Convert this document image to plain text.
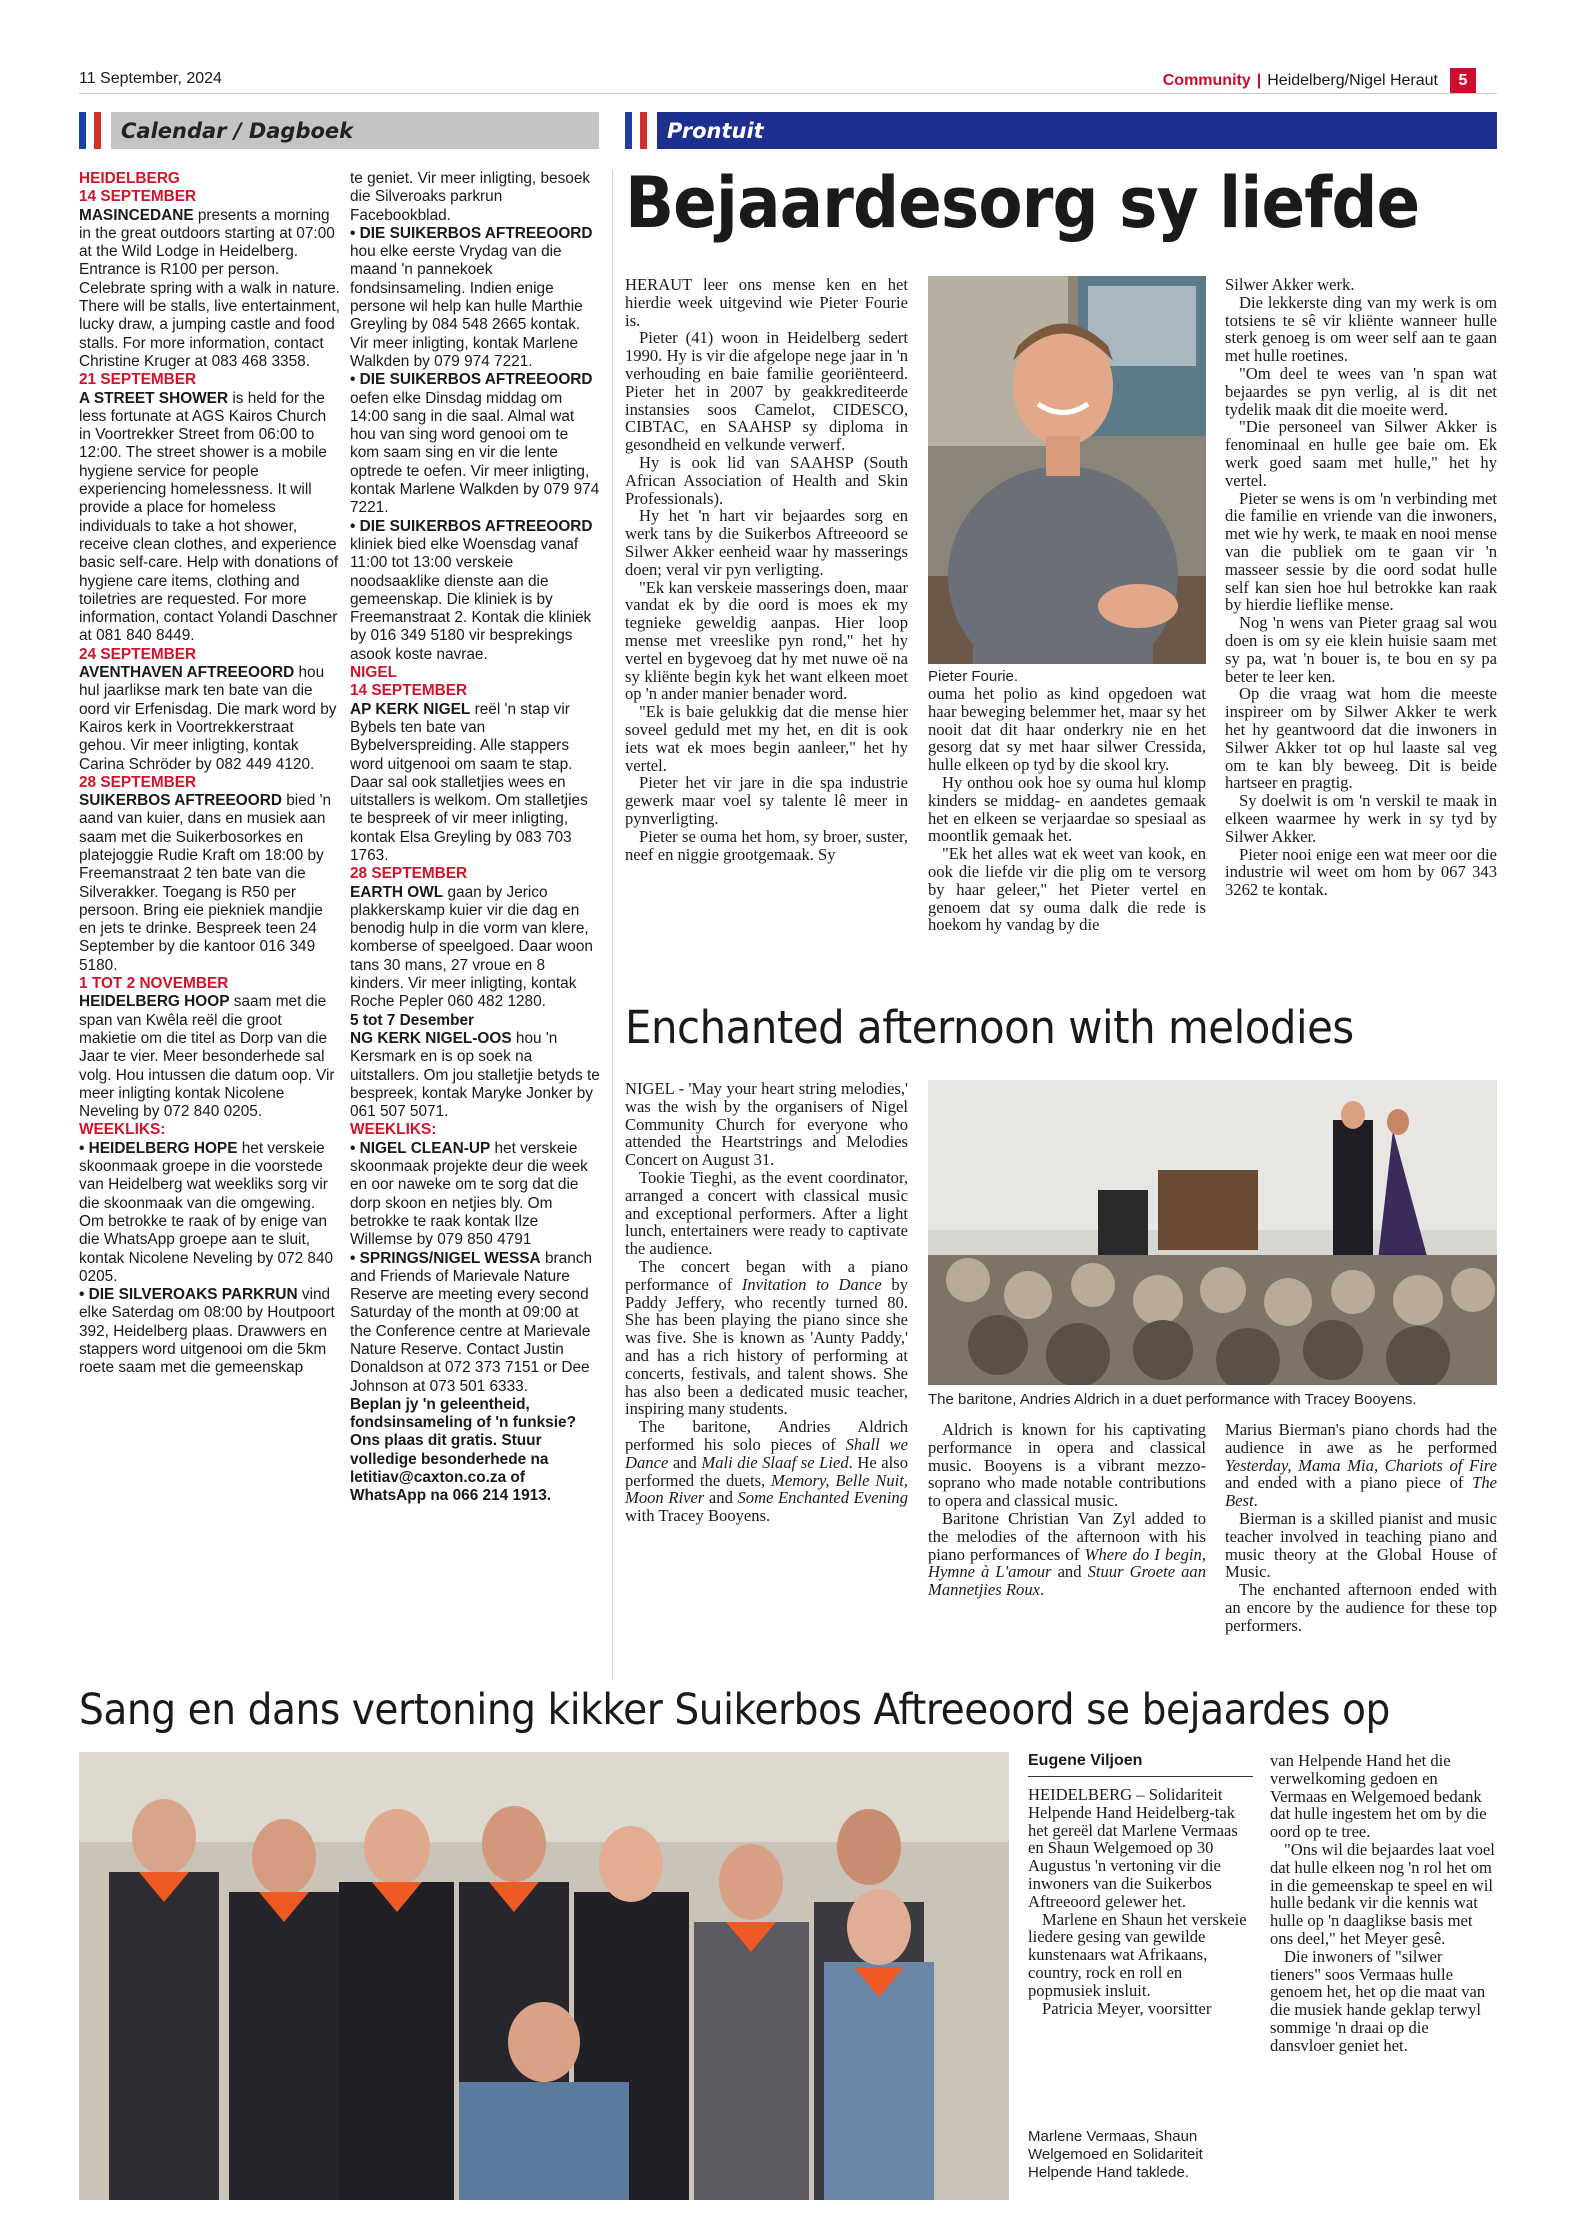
11 September, 2024	Community | Heidelberg/Nigel Heraut	5
Calendar / Dagboek	Prontuit

HEIDELBERG

14 SEPTEMBER

MASINCEDANE presents a morning in the great outdoors starting at 07:00 at the Wild Lodge in Heidelberg. Entrance is R100 per person. Celebrate spring with a walk in nature. There will be stalls, live entertainment, lucky draw, a jumping castle and food stalls. For more information, contact Christine Kruger at 083 468 3358.

21 SEPTEMBER

A STREET SHOWER is held for the less fortunate at AGS Kairos Church in Voortrekker Street from 06:00 to 12:00. The street shower is a mobile hygiene service for people experiencing homelessness. It will provide a place for homeless individuals to take a hot shower, receive clean clothes, and experience basic self-care. Help with donations of hygiene care items, clothing and toiletries are requested. For more information, contact Yolandi Daschner at 081 840 8449.

24 SEPTEMBER

AVENTHAVEN AFTREEOORD hou hul jaarlikse mark ten bate van die oord vir Erfenisdag. Die mark word by Kairos kerk in Voortrekkerstraat gehou. Vir meer inligting, kontak Carina Schröder by 082 449 4120.

28 SEPTEMBER

SUIKERBOS AFTREEOORD bied 'n aand van kuier, dans en musiek aan saam met die Suikerbosorkes en platejoggie Rudie Kraft om 18:00 by Freemanstraat 2 ten bate van die Silverakker. Toegang is R50 per persoon. Bring eie piekniek mandjie en jets te drinke. Bespreek teen 24 September by die kantoor 016 349 5180.

1 TOT 2 NOVEMBER

HEIDELBERG HOOP saam met die span van Kwêla reël die groot makietie om die titel as Dorp van die Jaar te vier. Meer besonderhede sal volg. Hou intussen die datum oop. Vir meer inligting kontak Nicolene Neveling by 072 840 0205.

WEEKLIKS:

• HEIDELBERG HOPE het verskeie skoonmaak groepe in die voorstede van Heidelberg wat weekliks sorg vir die skoonmaak van die omgewing. Om betrokke te raak of by enige van die WhatsApp groepe aan te sluit, kontak Nicolene Neveling by 072 840 0205.

• DIE SILVEROAKS PARKRUN vind elke Saterdag om 08:00 by Houtpoort 392, Heidelberg plaas. Drawwers en stappers word uitgenooi om die 5km roete saam met die gemeenskap

te geniet. Vir meer inligting, besoek die Silveroaks parkrun Facebookblad.

• DIE SUIKERBOS AFTREEOORD hou elke eerste Vrydag van die maand 'n pannekoek fondsinsameling. Indien enige persone wil help kan hulle Marthie Greyling by 084 548 2665 kontak. Vir meer inligting, kontak Marlene Walkden by 079 974 7221.

• DIE SUIKERBOS AFTREEOORD oefen elke Dinsdag middag om 14:00 sang in die saal. Almal wat hou van sing word genooi om te kom saam sing en vir die lente optrede te oefen. Vir meer inligting, kontak Marlene Walkden by 079 974 7221.

• DIE SUIKERBOS AFTREEOORD kliniek bied elke Woensdag vanaf 11:00 tot 13:00 verskeie noodsaaklike dienste aan die gemeenskap. Die kliniek is by Freemanstraat 2. Kontak die kliniek by 016 349 5180 vir besprekings asook koste navrae.

NIGEL

14 SEPTEMBER

AP KERK NIGEL reël 'n stap vir Bybels ten bate van Bybelverspreiding. Alle stappers word uitgenooi om saam te stap. Daar sal ook stalletjies wees en uitstallers is welkom. Om stalletjies te bespreek of vir meer inligting, kontak Elsa Greyling by 083 703 1763.

28 SEPTEMBER

EARTH OWL gaan by Jerico plakkerskamp kuier vir die dag en benodig hulp in die vorm van klere, komberse of speelgoed. Daar woon tans 30 mans, 27 vroue en 8 kinders. Vir meer inligting, kontak Roche Pepler 060 482 1280.

5 tot 7 Desember

NG KERK NIGEL-OOS hou 'n Kersmark en is op soek na uitstallers. Om jou stalletjie betyds te bespreek, kontak Maryke Jonker by 061 507 5071.

WEEKLIKS:

• NIGEL CLEAN-UP het verskeie skoonmaak projekte deur die week en oor naweke om te sorg dat die dorp skoon en netjies bly. Om betrokke te raak kontak Ilze Willemse by 079 850 4791

• SPRINGS/NIGEL WESSA branch and Friends of Marievale Nature Reserve are meeting every second Saturday of the month at 09:00 at the Conference centre at Marievale Nature Reserve. Contact Justin Donaldson at 072 373 7151 or Dee Johnson at 073 501 6333.

Beplan jy 'n geleentheid, fondsinsameling of 'n funksie? Ons plaas dit gratis. Stuur volledige besonderhede na letitiav@caxton.co.za of WhatsApp na 066 214 1913.

Bejaardesorg sy liefde

HERAUT leer ons mense ken en het hierdie week uitgevind wie Pieter Fourie is.

Pieter (41) woon in Heidelberg sedert 1990. Hy is vir die afgelope nege jaar in 'n verhouding en baie familie georiënteerd. Pieter het in 2007 by geakkrediteerde instansies soos Camelot, CIDESCO, CIBTAC, en SAAHSP sy diploma in gesondheid en velkunde verwerf.

Hy is ook lid van SAAHSP (South African Association of Health and Skin Professionals).

Hy het 'n hart vir bejaardes sorg en werk tans by die Suikerbos Aftreeoord se Silwer Akker eenheid waar hy masserings doen; veral vir pyn verligting.

"Ek kan verskeie masserings doen, maar vandat ek by die oord is moes ek my tegnieke geweldig aanpas. Hier loop mense met vreeslike pyn rond," het hy vertel en bygevoeg dat hy met nuwe oë na sy kliënte begin kyk het want elkeen moet op 'n ander manier benader word.

"Ek is baie gelukkig dat die mense hier soveel geduld met my het, en dit is ook iets wat ek moes begin aanleer," het hy vertel.

Pieter het vir jare in die spa industrie gewerk maar voel sy talente lê meer in pynverligting.

Pieter se ouma het hom, sy broer, suster, neef en niggie grootgemaak. Sy

Pieter Fourie.

ouma het polio as kind opgedoen wat haar beweging belemmer het, maar sy het nooit dat dit haar onderkry nie en het gesorg dat sy met haar silwer Cressida, hulle elkeen op tyd by die skool kry.

Hy onthou ook hoe sy ouma hul klomp kinders se middag- en aandetes gemaak het en elkeen se verjaardae so spesiaal as moontlik gemaak het.

"Ek het alles wat ek weet van kook, en ook die liefde vir die plig om te versorg by haar geleer," het Pieter vertel en genoem dat sy ouma dalk die rede is hoekom hy vandag by die

Silwer Akker werk.

Die lekkerste ding van my werk is om totsiens te sê vir kliënte wanneer hulle sterk genoeg is om weer self aan te gaan met hulle roetines.

"Om deel te wees van 'n span wat bejaardes se pyn verlig, al is dit net tydelik maak dit die moeite werd.

"Die personeel van Silwer Akker is fenominaal en hulle gee baie om. Ek werk goed saam met hulle," het hy vertel.

Pieter se wens is om 'n verbinding met die familie en vriende van die inwoners, met wie hy werk, te maak en nooi mense van die publiek om te gaan vir 'n masseer sessie by die oord sodat hulle self kan sien hoe hul betrokke kan raak by hierdie lieflike mense.

Nog 'n wens van Pieter graag sal wou doen is om sy eie klein huisie saam met sy pa, wat 'n bouer is, te bou en sy pa beter te leer ken.

Op die vraag wat hom die meeste inspireer om by Silwer Akker te werk het hy geantwoord dat die inwoners in Silwer Akker tot op hul laaste sal veg om te kan bly beweeg. Dit is beide hartseer en pragtig.

Sy doelwit is om 'n verskil te maak in elkeen waarmee hy werk in sy tyd by Silwer Akker.

Pieter nooi enige een wat meer oor die industrie wil weet om hom by 067 343 3262 te kontak.

Enchanted afternoon with melodies

NIGEL - 'May your heart string melodies,' was the wish by the organisers of Nigel Community Church for everyone who attended the Heartstrings and Melodies Concert on August 31.

Tookie Tieghi, as the event coordinator, arranged a concert with classical music and exceptional performers. After a light lunch, entertainers were ready to captivate the audience.

The concert began with a piano performance of Invitation to Dance by Paddy Jeffery, who recently turned 80. She has been playing the piano since she was five. She is known as 'Aunty Paddy,' and has a rich history of performing at concerts, festivals, and talent shows. She has also been a dedicated music teacher, inspiring many students.

The baritone, Andries Aldrich performed his solo pieces of Shall we Dance and Mali die Slaaf se Lied. He also performed the duets, Memory, Belle Nuit, Moon River and Some Enchanted Evening with Tracey Booyens.

The baritone, Andries Aldrich in a duet performance with Tracey Booyens.

Aldrich is known for his captivating performance in opera and classical music. Booyens is a vibrant mezzo-soprano who made notable contributions to opera and classical music.

Baritone Christian Van Zyl added to the melodies of the afternoon with his piano performances of Where do I begin, Hymne à L'amour and Stuur Groete aan Mannetjies Roux.

Marius Bierman's piano chords had the audience in awe as he performed Yesterday, Mama Mia, Chariots of Fire and ended with a piano piece of The Best.

Bierman is a skilled pianist and music teacher involved in teaching piano and music theory at the Global House of Music.

The enchanted afternoon ended with an encore by the audience for these top performers.

Sang en dans vertoning kikker Suikerbos Aftreeoord se bejaardes op
Eugene Viljoen

HEIDELBERG – Solidariteit Helpende Hand Heidelberg-tak het gereël dat Marlene Vermaas en Shaun Welgemoed op 30 Augustus 'n vertoning vir die inwoners van die Suikerbos Aftreeoord gelewer het.

Marlene en Shaun het verskeie liedere gesing van gewilde kunstenaars wat Afrikaans, country, rock en roll en popmusiek insluit.

Patricia Meyer, voorsitter

Marlene Vermaas, Shaun Welgemoed en Solidariteit Helpende Hand taklede.

van Helpende Hand het die verwelkoming gedoen en Vermaas en Welgemoed bedank dat hulle ingestem het om by die oord op te tree.

"Ons wil die bejaardes laat voel dat hulle elkeen nog 'n rol het om in die gemeenskap te speel en wil hulle bedank vir die kennis wat hulle op 'n daaglikse basis met ons deel," het Meyer gesê.

Die inwoners of "silwer tieners" soos Vermaas hulle genoem het, het op die maat van die musiek hande geklap terwyl sommige 'n draai op die dansvloer geniet het.
